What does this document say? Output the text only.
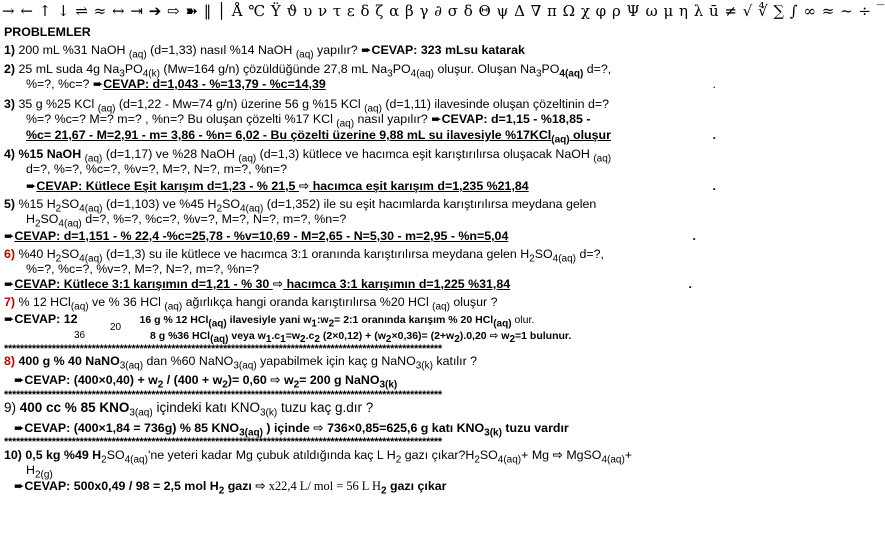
→ ← ↑ ↓ ⇌ ≈ ↔ ⇥ ➔ ⇨ ➽ ‖ │ Å ℃ Ÿ ϑ υ ν τ ε δ ζ α β γ ∂ σ δ Θ ψ Δ ∇ π Ω χ φ ρ Ψ ω μ η λ ū ≠ √ ∜ ∑ ∫ ∞ ≈ ~ ÷ ‾
PROBLEMLER
1) 200 mL %31 NaOH $_{(aq)}$ (d=1,33) nasıl %14 NaOH $_{(aq)}$ yapılır? ➨CEVAP: 323 mLsu katarak
2) 25 mL suda 4g $Na_3PO_{4(k)}$ (Mw=164 g/n) çözüldüğünde 27,8 mL $Na_3PO_{4(aq)}$ oluşur. Oluşan $Na_3PO_{4(aq)}$ d=?,
%=?, %c=? ➨CEVAP: d=1,043 - %=13,79 - %c=14,39	.
3) 35 g %25 KCl $_{(aq)}$ (d=1,22 - Mw=74 g/n) üzerine 56 g %15 KCl $_{(aq)}$ (d=1,11) ilavesinde oluşan çözeltinin d=?
%=? %c=? M=? m=? , %n=? Bu oluşan çözelti %17 KCl $_{(aq)}$ nasıl yapılır? ➨CEVAP: d=1,15 - %18,85 -
%c= 21,67 - M=2,91 - m= 3,86 - %n= 6,02 - Bu çözelti üzerine 9,88 mL su ilavesiyle %17KCl$_{(aq)}$ oluşur	.
4) %15 NaOH $_{(aq)}$ (d=1,17) ve %28 NaOH $_{(aq)}$ (d=1,3) kütlece ve hacımca eşit karıştırılırsa oluşacak NaOH $_{(aq)}$
d=?, %=?, %c=?, %v=?, M=?, N=?, m=?, %n=?
➨CEVAP: Kütlece Eşit karışım d=1,23 - % 21,5 ⇨ hacımca eşit karışım d=1,235 %21,84	.
5) %15 $H_2SO_{4(aq)}$ (d=1,103) ve %45 $H_2SO_{4(aq)}$ (d=1,352) ile su eşit hacımlarda karıştırılırsa meydana gelen
$H_2SO_{4(aq)}$ d=?, %=?, %c=?, %v=?, M=?, N=?, m=?, %n=?
➨CEVAP: d=1,151 - % 22,4 -%c=25,78 - %v=10,69 - M=2,65 - N=5,30 - m=2,95 - %n=5,04	.
6) %40 $H_2SO_{4(aq)}$ (d=1,3) su ile kütlece ve hacımca 3:1 oranında karıştırılırsa meydana gelen $H_2SO_{4(aq)}$ d=?,
%=?, %c=?, %v=?, M=?, N=?, m=?, %n=?
➨CEVAP: Kütlece 3:1 karışımın d=1,21 - % 30 ⇨ hacımca 3:1 karışımın d=1,225 %31,84	.
7) % 12 HCl$_{(aq)}$ ve % 36 HCl $_{(aq)}$ ağırlıkça hangi oranda karıştırılırsa %20 HCl $_{(aq)}$ oluşur ?
➨CEVAP: 12	16 g % 12 HCl$_{(aq)}$ ilavesiyle yani $w_1:w_2=$ 2:1 oranında karışım % 20 HCl$_{(aq)}$ olur.
20
36	8 g %36 HCl$_{(aq)}$ veya $w_1.c_1=w_2.c_2$ $(2\times 0,12) + (w_2\times 0,36)= (2+w_2).0,20$ ⇨ $w_2=1$ bulunur.
**************************************************************************************************************
8) 400 g % 40 NaNO$_{3(aq)}$ dan %60 NaNO$_{3(aq)}$ yapabilmek için kaç g NaNO$_{3(k)}$ katılır ?
➨CEVAP: $(400\times 0,40) + w_2 / (400 + w_2)= 0,60$ ⇨ $w_2= 200$ g NaNO$_{3(k)}$
**************************************************************************************************************
9) 400 cc % 85 $KNO_{3(aq)}$ içindeki katı $KNO_{3(k)}$ tuzu kaç g.dır ?
➨CEVAP: (400×1,84 = 736g) % 85 $KNO_{3(aq)}$ ) içinde ⇨ 736×0,85=625,6 g katı $KNO_{3(k)}$ tuzu vardır
**************************************************************************************************************
10) 0,5 kg %49 $H_2SO_{4(aq)}'ne$ yeteri kadar Mg çubuk atıldığında kaç L $H_2$ gazı $çıkar?H_2SO_{4(aq)}+ Mg$ ⇨ MgSO$_{4(aq)}$+
$H_{2(g)}$
➨CEVAP: 500x0,49 / 98 = 2,5 mol $H_2$ gazı ⇨ x22,4 L/ mol = 56 L $H_2$ gazı çıkar
